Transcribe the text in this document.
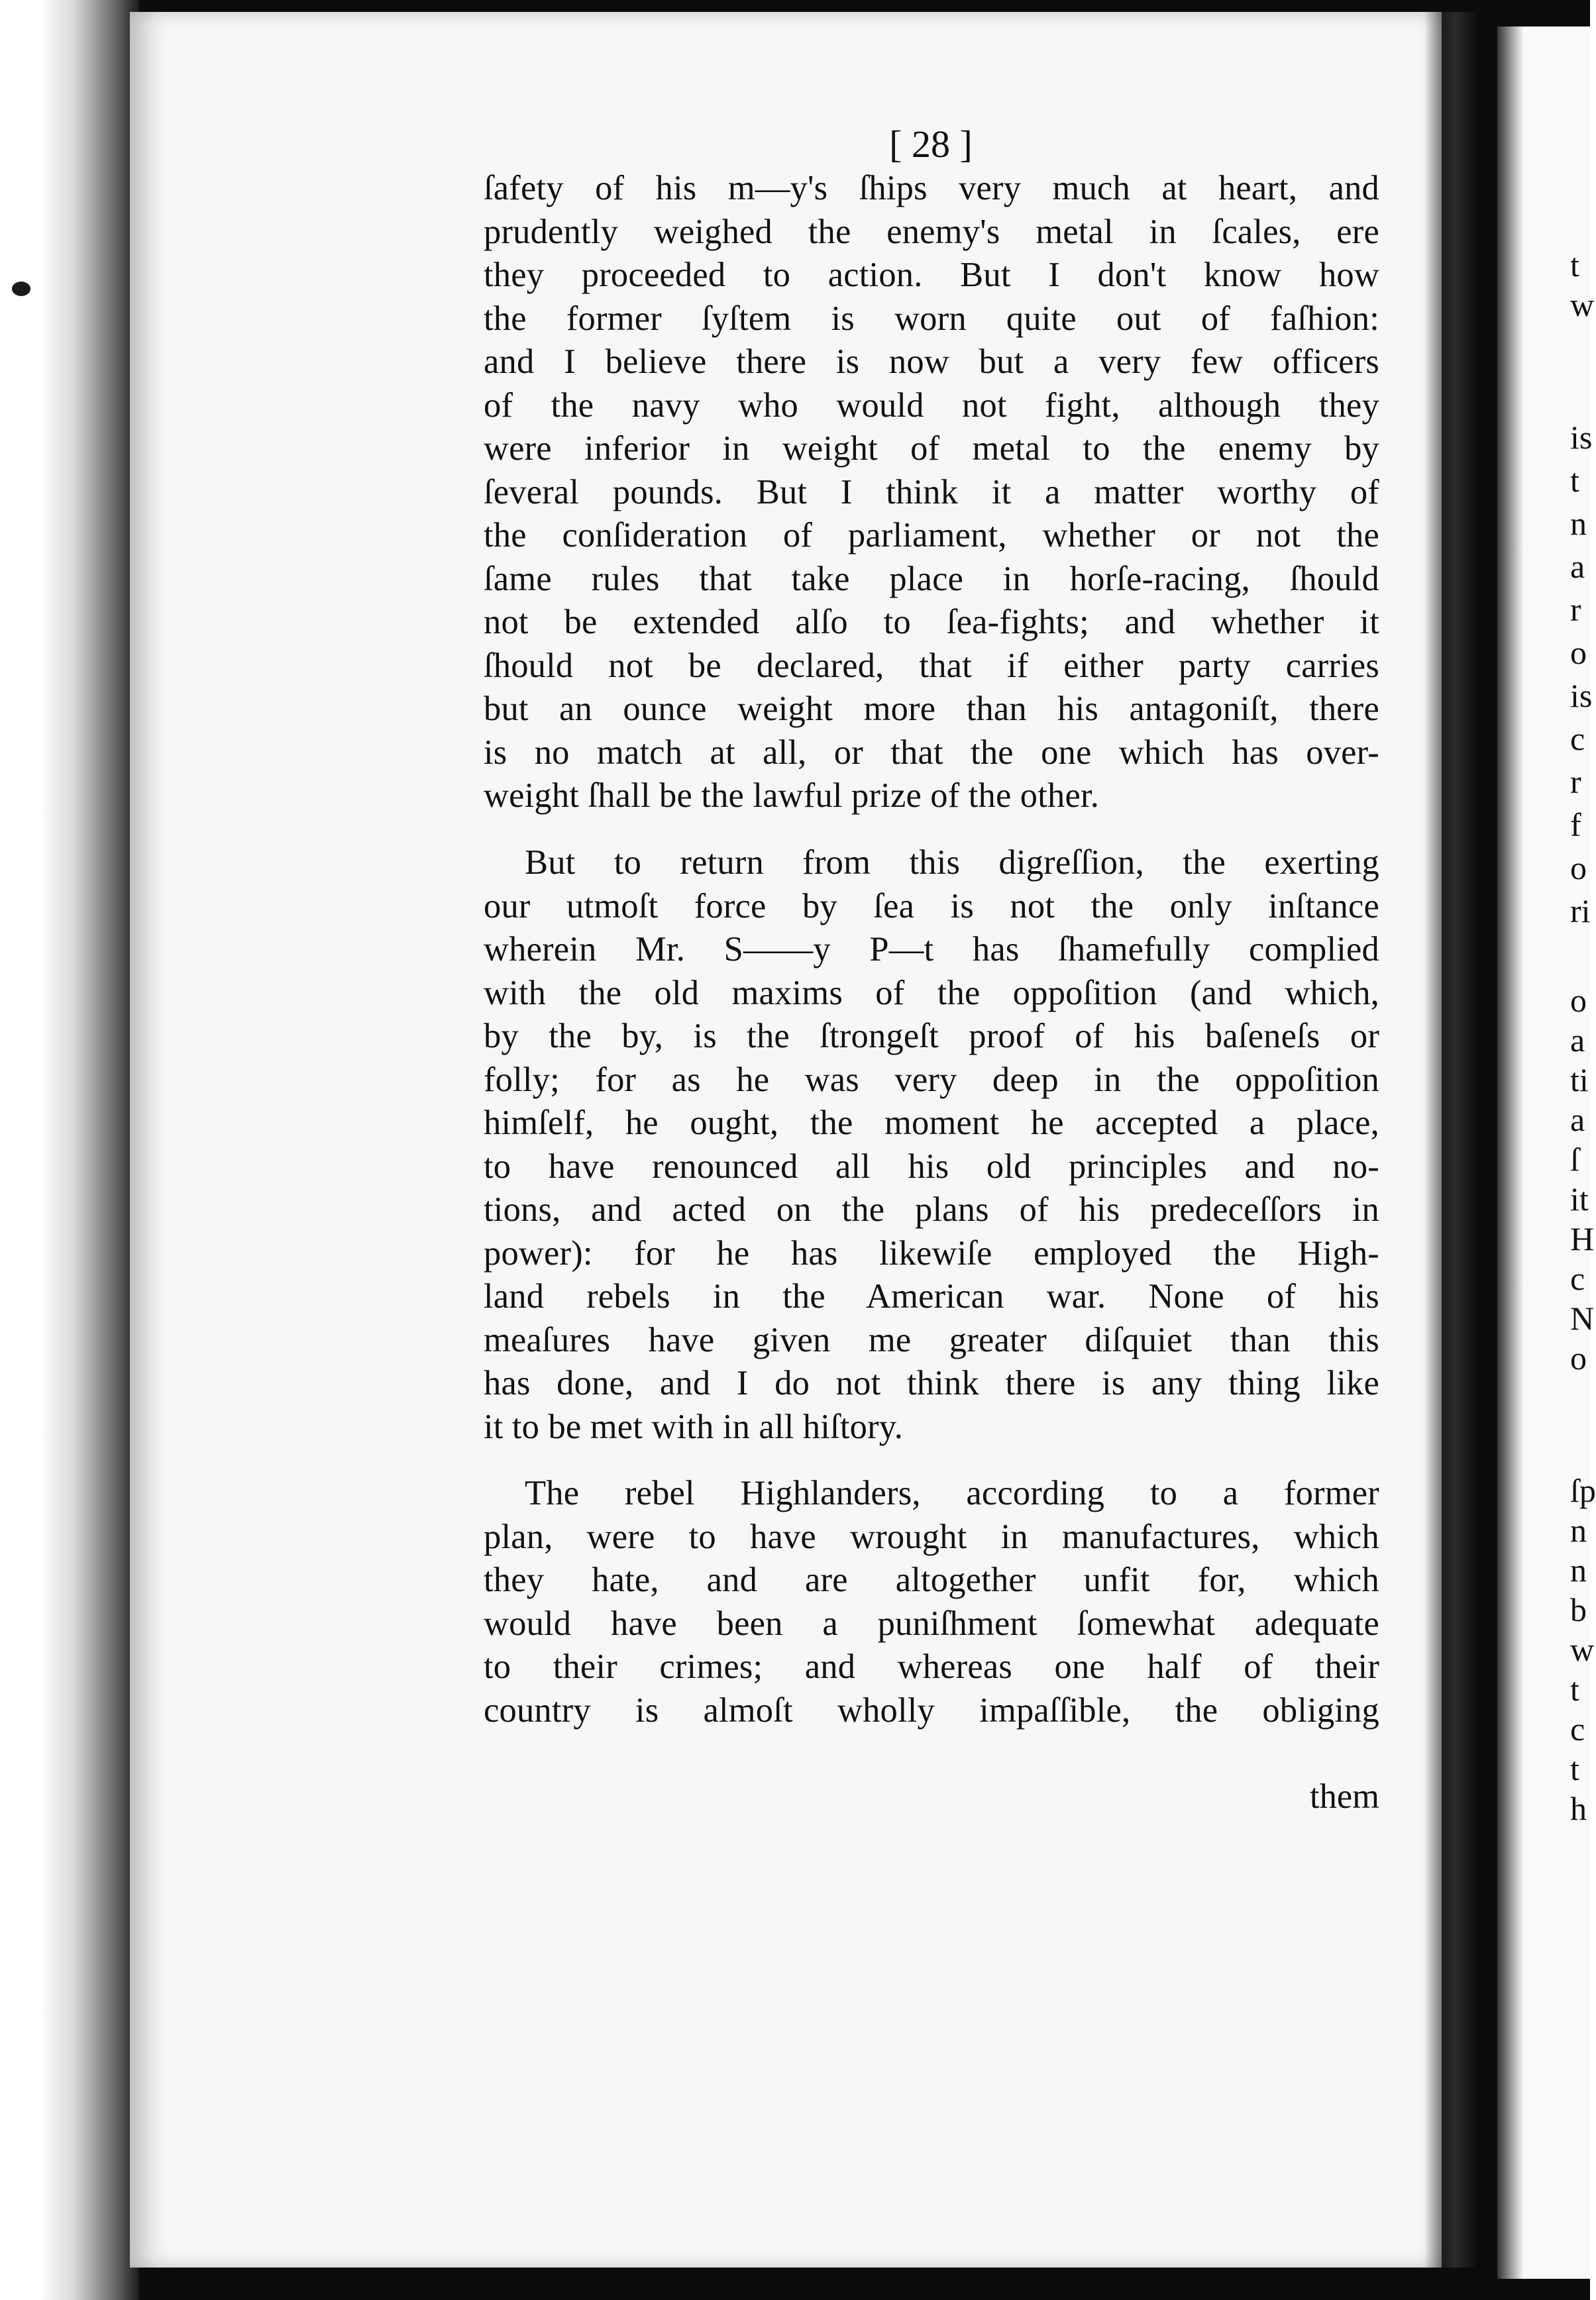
t
w
is
t
n
a
r
o
is
c
r
f
o
ri
o
a
ti
a
ſ
it
H
c
N
o
ſp
n
n
b
w
t
c
t
h
[ 28 ]
ſafety of his m—y's ſhips very much at heart, and
prudently weighed the enemy's metal in ſcales, ere
they proceeded to action. But I don't know how
the former ſyſtem is worn quite out of faſhion:
and I believe there is now but a very few officers
of the navy who would not fight, although they
were inferior in weight of metal to the enemy by
ſeveral pounds. But I think it a matter worthy of
the conſideration of parliament, whether or not the
ſame rules that take place in horſe-racing, ſhould
not be extended alſo to ſea-fights; and whether it
ſhould not be declared, that if either party carries
but an ounce weight more than his antagoniſt, there
is no match at all, or that the one which has over-
weight ſhall be the lawful prize of the other.
But to return from this digreſſion, the exerting
our utmoſt force by ſea is not the only inſtance
wherein Mr. S——y P—t has ſhamefully complied
with the old maxims of the oppoſition (and which,
by the by, is the ſtrongeſt proof of his baſeneſs or
folly; for as he was very deep in the oppoſition
himſelf, he ought, the moment he accepted a place,
to have renounced all his old principles and no-
tions, and acted on the plans of his predeceſſors in
power): for he has likewiſe employed the High-
land rebels in the American war. None of his
meaſures have given me greater diſquiet than this
has done, and I do not think there is any thing like
it to be met with in all hiſtory.
The rebel Highlanders, according to a former
plan, were to have wrought in manufactures, which
they hate, and are altogether unfit for, which
would have been a puniſhment ſomewhat adequate
to their crimes; and whereas one half of their
country is almoſt wholly impaſſible, the obliging
them
